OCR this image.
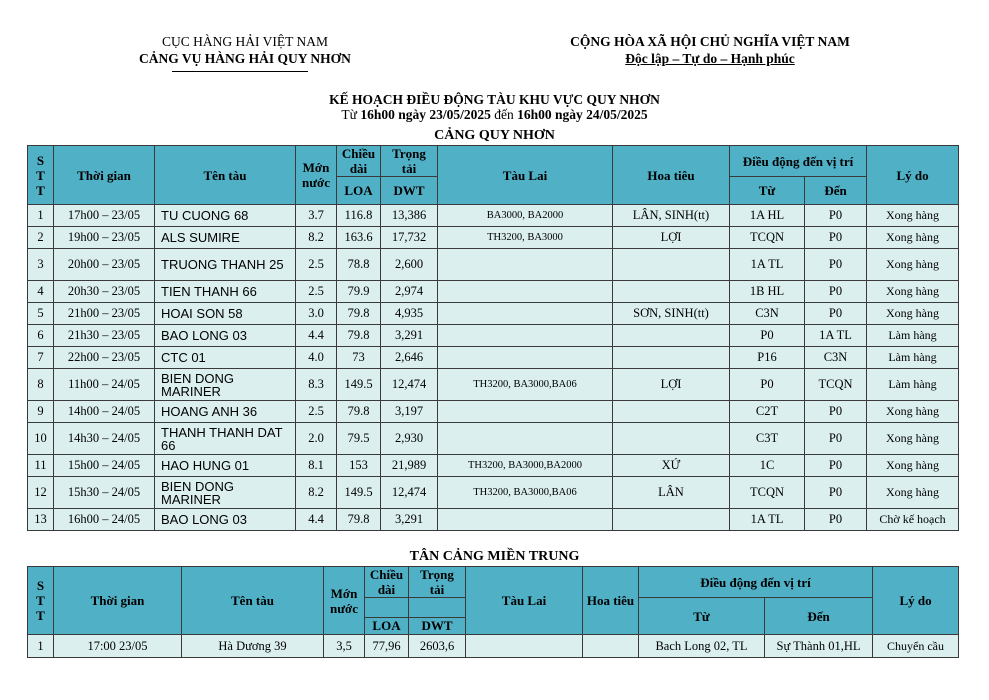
CỤC HÀNG HẢI VIỆT NAM
CẢNG VỤ HÀNG HẢI QUY NHƠN
CỘNG HÒA XÃ HỘI CHỦ NGHĨA VIỆT NAM
Độc lập – Tự do – Hạnh phúc
KẾ HOẠCH ĐIỀU ĐỘNG TÀU KHU VỰC QUY NHƠN
Từ 16h00 ngày 23/05/2025 đến 16h00 ngày 24/05/2025
CẢNG QUY NHƠN
S T T	Thời gian	Tên tàu	Mớn nước	Chiều dài	Trọng tải	Tàu Lai	Hoa tiêu	Điều động đến vị trí		Lý do
				LOA	DWT			Từ	Đến	
1	17h00 – 23/05	TU CUONG 68	3.7	116.8	13,386	BA3000, BA2000	LÂN, SINH(tt)	1A HL	P0	Xong hàng
2	19h00 – 23/05	ALS SUMIRE	8.2	163.6	17,732	TH3200, BA3000	LỢI	TCQN	P0	Xong hàng
3	20h00 – 23/05	TRUONG THANH 25	2.5	78.8	2,600			1A TL	P0	Xong hàng
4	20h30 – 23/05	TIEN THANH 66	2.5	79.9	2,974			1B HL	P0	Xong hàng
5	21h00 – 23/05	HOAI SON 58	3.0	79.8	4,935		SƠN, SINH(tt)	C3N	P0	Xong hàng
6	21h30 – 23/05	BAO LONG 03	4.4	79.8	3,291			P0	1A TL	Làm hàng
7	22h00 – 23/05	CTC 01	4.0	73	2,646			P16	C3N	Làm hàng
8	11h00 – 24/05	BIEN DONG MARINER	8.3	149.5	12,474	TH3200, BA3000,BA06	LỢI	P0	TCQN	Làm hàng
9	14h00 – 24/05	HOANG ANH 36	2.5	79.8	3,197			C2T	P0	Xong hàng
10	14h30 – 24/05	THANH THANH DAT 66	2.0	79.5	2,930			C3T	P0	Xong hàng
11	15h00 – 24/05	HAO HUNG 01	8.1	153	21,989	TH3200, BA3000,BA2000	XỨ	1C	P0	Xong hàng
12	15h30 – 24/05	BIEN DONG MARINER	8.2	149.5	12,474	TH3200, BA3000,BA06	LÂN	TCQN	P0	Xong hàng
13	16h00 – 24/05	BAO LONG 03	4.4	79.8	3,291			1A TL	P0	Chờ kế hoạch
TÂN CẢNG MIỀN TRUNG
S T T	Thời gian	Tên tàu	Mớn nước	Chiều dài	Trọng tải	Tàu Lai	Hoa tiêu	Điều động đến vị trí		Lý do

				LOA	DWT			Từ	Đến	
1	17:00 23/05	Hà Dương 39	3,5	77,96	2603,6			Bach Long 02, TL	Sự Thành 01,HL	Chuyển cầu
